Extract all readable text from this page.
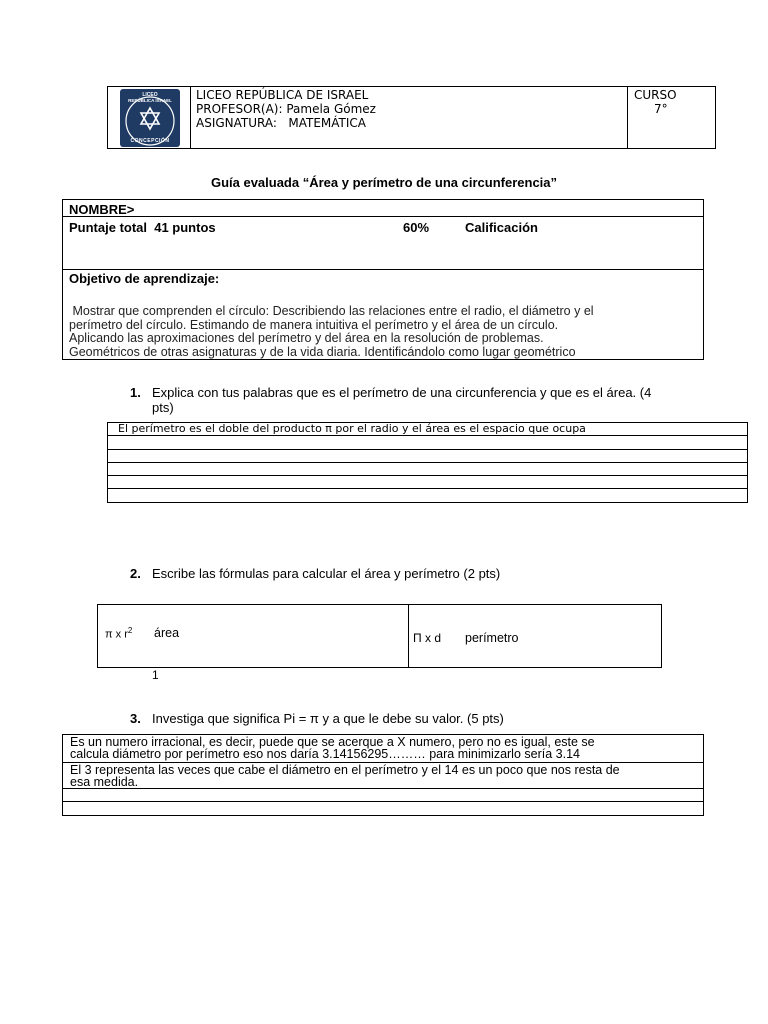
LICEO
REPÚBLICA ISRAEL
CONCEPCIÓN
LICEO REPÚBLICA DE ISRAEL
PROFESOR(A): Pamela Gómez
ASIGNATURA:   MATEMÁTICA
CURSO
7°
Guía evaluada “Área y perímetro de una circunferencia”
NOMBRE>
Puntaje total  41 puntos	60%	Calificación
Objetivo de aprendizaje:
Mostrar que comprenden el círculo: Describiendo las relaciones entre el radio, el diámetro y el
perímetro del círculo. Estimando de manera intuitiva el perímetro y el área de un círculo.
Aplicando las aproximaciones del perímetro y del área en la resolución de problemas.
Geométricos de otras asignaturas y de la vida diaria. Identificándolo como lugar geométrico
1. Explica con tus palabras que es el perímetro de una circunferencia y que es el área. (4
pts)
El perímetro es el doble del producto π por el radio y el área es el espacio que ocupa

2. Escribe las fórmulas para calcular el área y perímetro (2 pts)
π x $r^2$ área	Π x d perímetro
1
3. Investiga que significa Pi = π y a que le debe su valor. (5 pts)
Es un numero irracional, es decir, puede que se acerque a X numero, pero no es igual, este se
calcula diámetro por perímetro eso nos daría 3.14156295……… para minimizarlo sería 3.14
El 3 representa las veces que cabe el diámetro en el perímetro y el 14 es un poco que nos resta de
esa medida.
